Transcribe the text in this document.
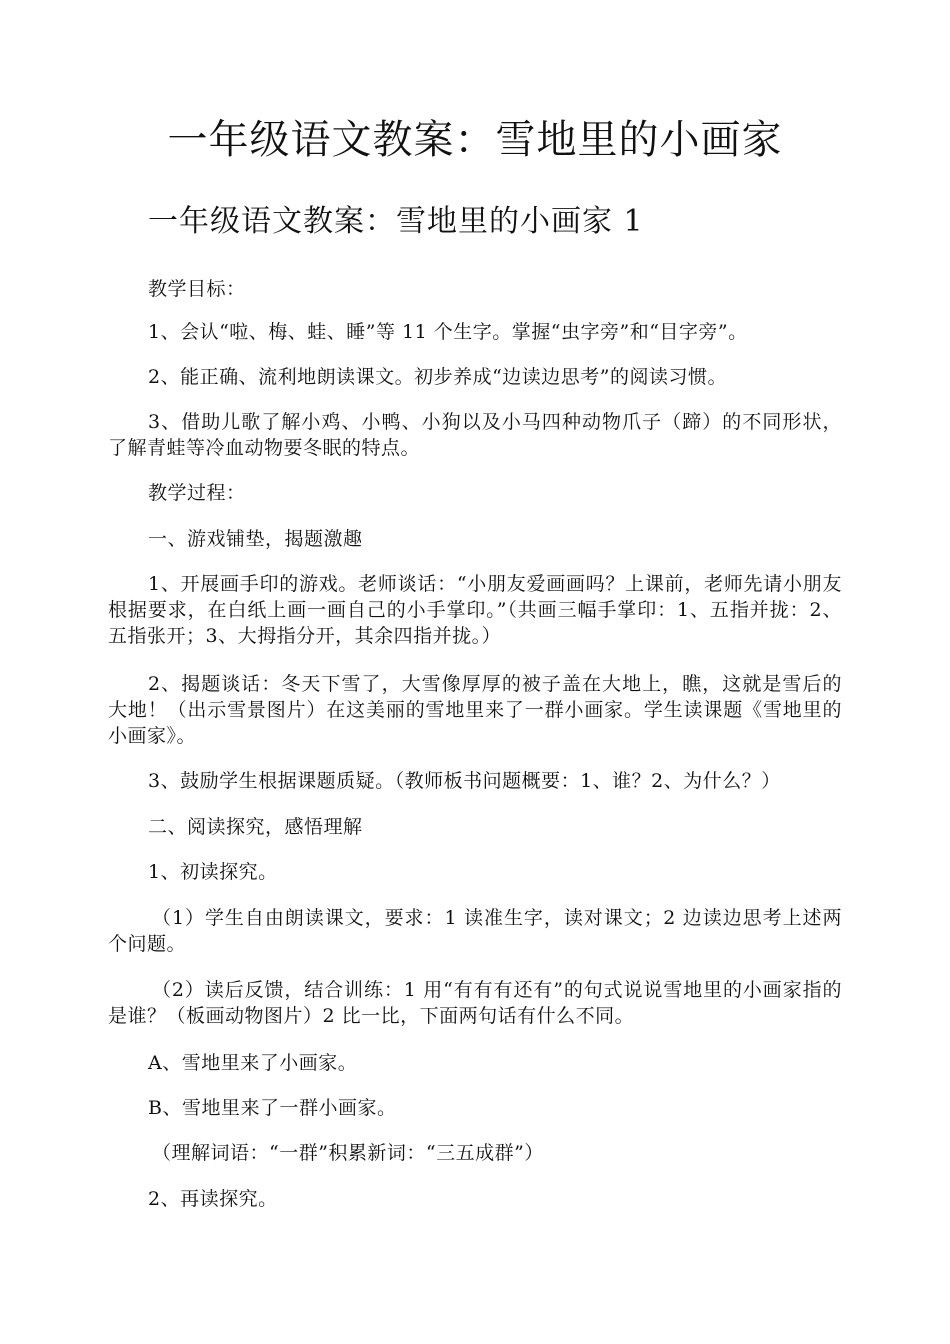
一年级语文教案：雪地里的小画家
一年级语文教案：雪地里的小画家 1

教学目标：

1、会认“啦、梅、蛙、睡”等 11 个生字。掌握“虫字旁”和“目字旁”。

2、能正确、流利地朗读课文。初步养成“边读边思考”的阅读习惯。

3、借助儿歌了解小鸡、小鸭、小狗以及小马四种动物爪子（蹄）的不同形状，了解青蛙等冷血动物要冬眠的特点。

教学过程：

一、游戏铺垫，揭题激趣

1、开展画手印的游戏。老师谈话：“小朋友爱画画吗？上课前，老师先请小朋友根据要求，在白纸上画一画自己的小手掌印。”（共画三幅手掌印：1、五指并拢：2、五指张开；3、大拇指分开，其余四指并拢。）

2、揭题谈话：冬天下雪了，大雪像厚厚的被子盖在大地上，瞧，这就是雪后的大地！（出示雪景图片）在这美丽的雪地里来了一群小画家。学生读课题《雪地里的小画家》。

3、鼓励学生根据课题质疑。（教师板书问题概要：1、谁？2、为什么？）

二、阅读探究，感悟理解

1、初读探究。

（1）学生自由朗读课文，要求：1 读准生字，读对课文；2 边读边思考上述两个问题。

（2）读后反馈，结合训练：1 用“有有有还有”的句式说说雪地里的小画家指的是谁？（板画动物图片）2 比一比，下面两句话有什么不同。

A、雪地里来了小画家。

B、雪地里来了一群小画家。

（理解词语：“一群”积累新词：“三五成群”）

2、再读探究。
